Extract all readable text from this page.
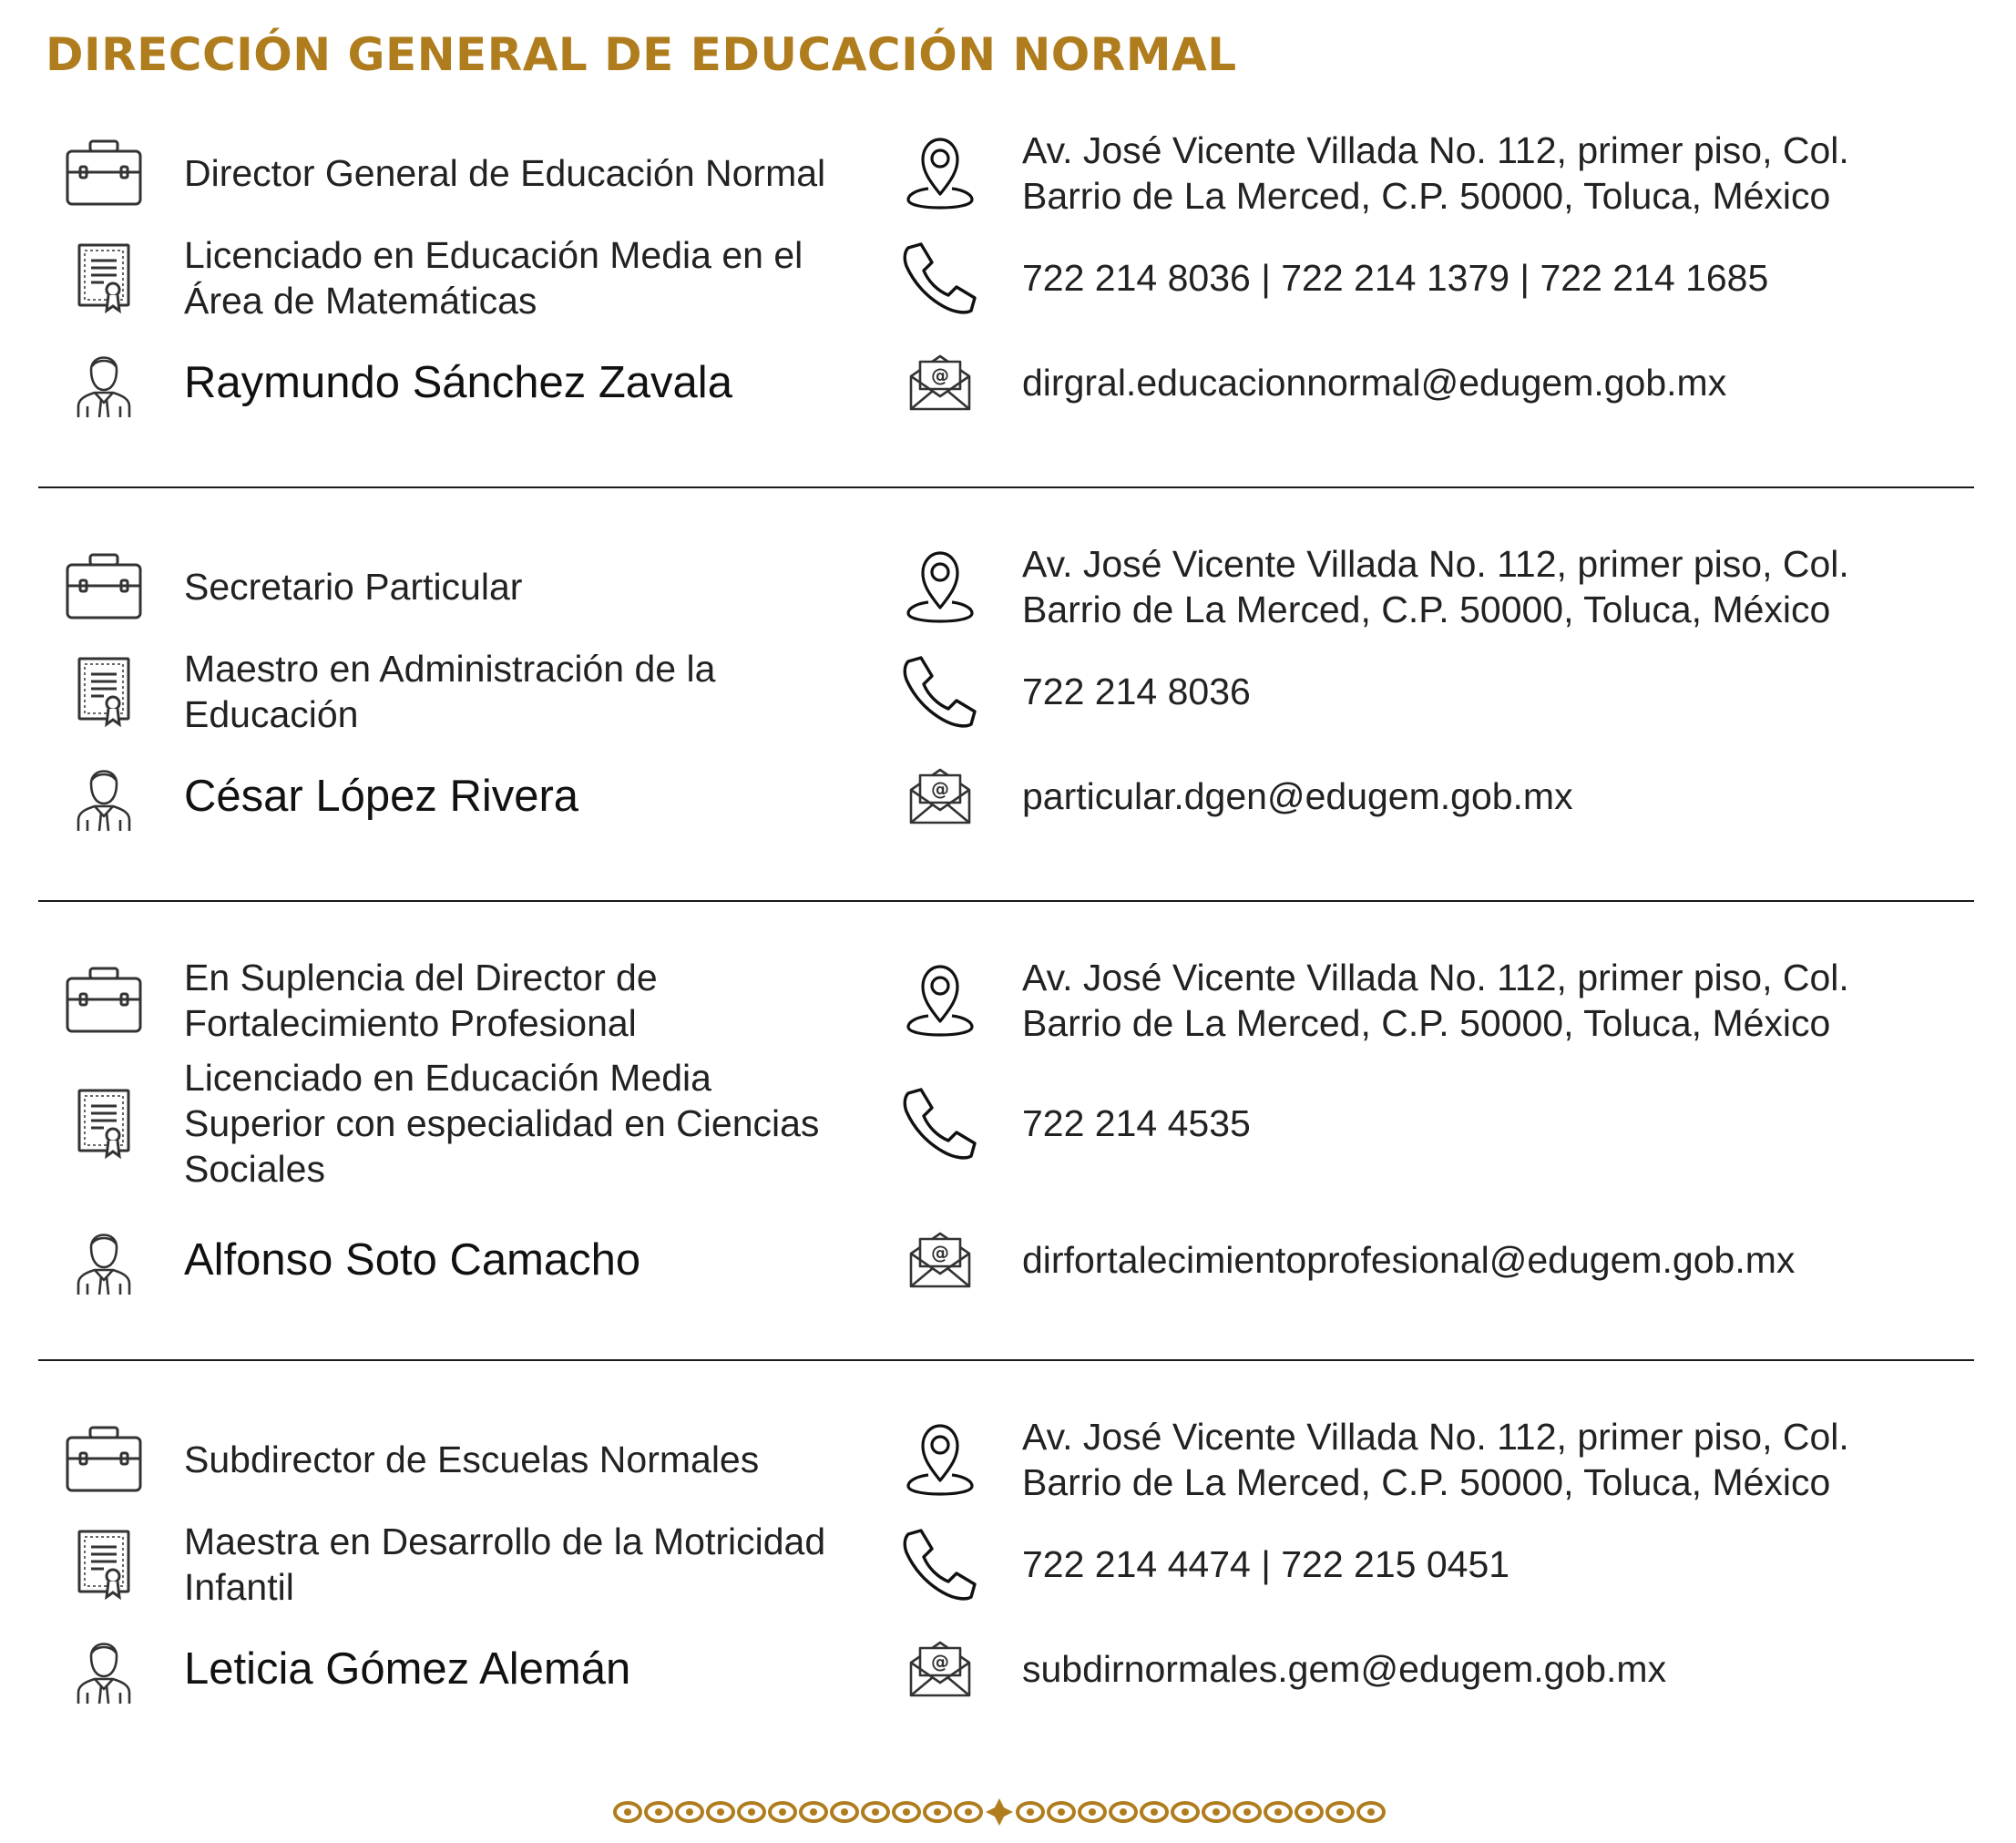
DIRECCIÓN GENERAL DE EDUCACIÓN NORMAL
Director General de Educación Normal
Licenciado en Educación Media en el Área de Matemáticas
Raymundo Sánchez Zavala
Av. José Vicente Villada No. 112, primer piso, Col. Barrio de La Merced, C.P. 50000, Toluca, México
722 214 8036 | 722 214 1379 | 722 214 1685
@ dirgral.educacionnormal@edugem.gob.mx
Secretario Particular
Maestro en Administración de la Educación
César López Rivera
Av. José Vicente Villada No. 112, primer piso, Col. Barrio de La Merced, C.P. 50000, Toluca, México
722 214 8036
@ particular.dgen@edugem.gob.mx
En Suplencia del Director de Fortalecimiento Profesional
Licenciado en Educación Media Superior con especialidad en Ciencias Sociales
Alfonso Soto Camacho
Av. José Vicente Villada No. 112, primer piso, Col. Barrio de La Merced, C.P. 50000, Toluca, México
722 214 4535
@ dirfortalecimientoprofesional@edugem.gob.mx
Subdirector de Escuelas Normales
Maestra en Desarrollo de la Motricidad Infantil
Leticia Gómez Alemán
Av. José Vicente Villada No. 112, primer piso, Col. Barrio de La Merced, C.P. 50000, Toluca, México
722 214 4474 | 722 215 0451
@ subdirnormales.gem@edugem.gob.mx
